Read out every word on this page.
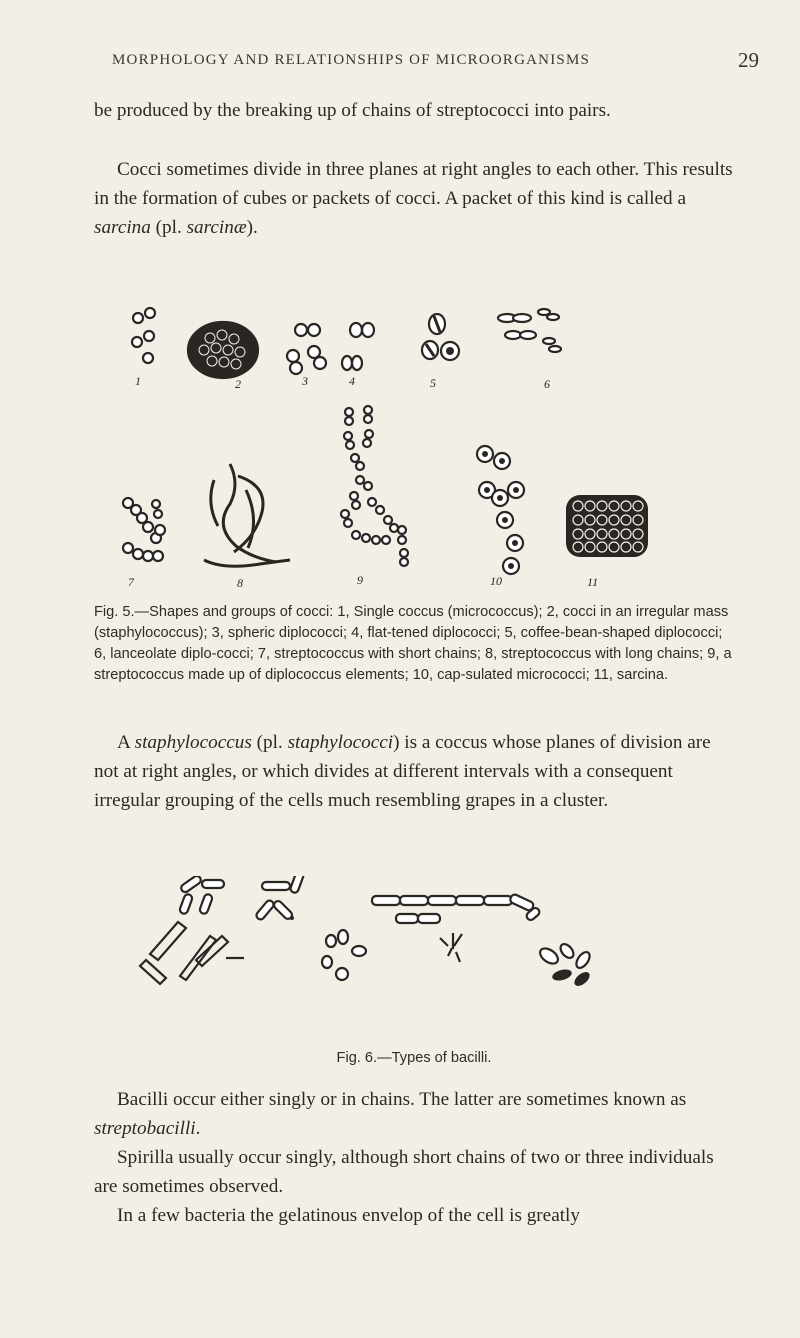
MORPHOLOGY AND RELATIONSHIPS OF MICROORGANISMS	29

be produced by the breaking up of chains of streptococci into pairs.

Cocci sometimes divide in three planes at right angles to each other. This results in the formation of cubes or packets of cocci. A packet of this kind is called a sarcina (pl. sarcinæ).

1	2	3	4	5	6
7	8	9	10	11

Fig. 5.—Shapes and groups of cocci: 1, Single coccus (micrococcus); 2, cocci in an irregular mass (staphylococcus); 3, spheric diplococci; 4, flat-tened diplococci; 5, coffee-bean-shaped diplococci; 6, lanceolate diplo-cocci; 7, streptococcus with short chains; 8, streptococcus with long chains; 9, a streptococcus made up of diplococcus elements; 10, cap-sulated micrococci; 11, sarcina.

A staphylococcus (pl. staphylococci) is a coccus whose planes of division are not at right angles, or which divides at different intervals with a consequent irregular grouping of the cells much resembling grapes in a cluster.

Fig. 6.—Types of bacilli.

Bacilli occur either singly or in chains. The latter are sometimes known as streptobacilli.

Spirilla usually occur singly, although short chains of two or three individuals are sometimes observed.

In a few bacteria the gelatinous envelop of the cell is greatly
